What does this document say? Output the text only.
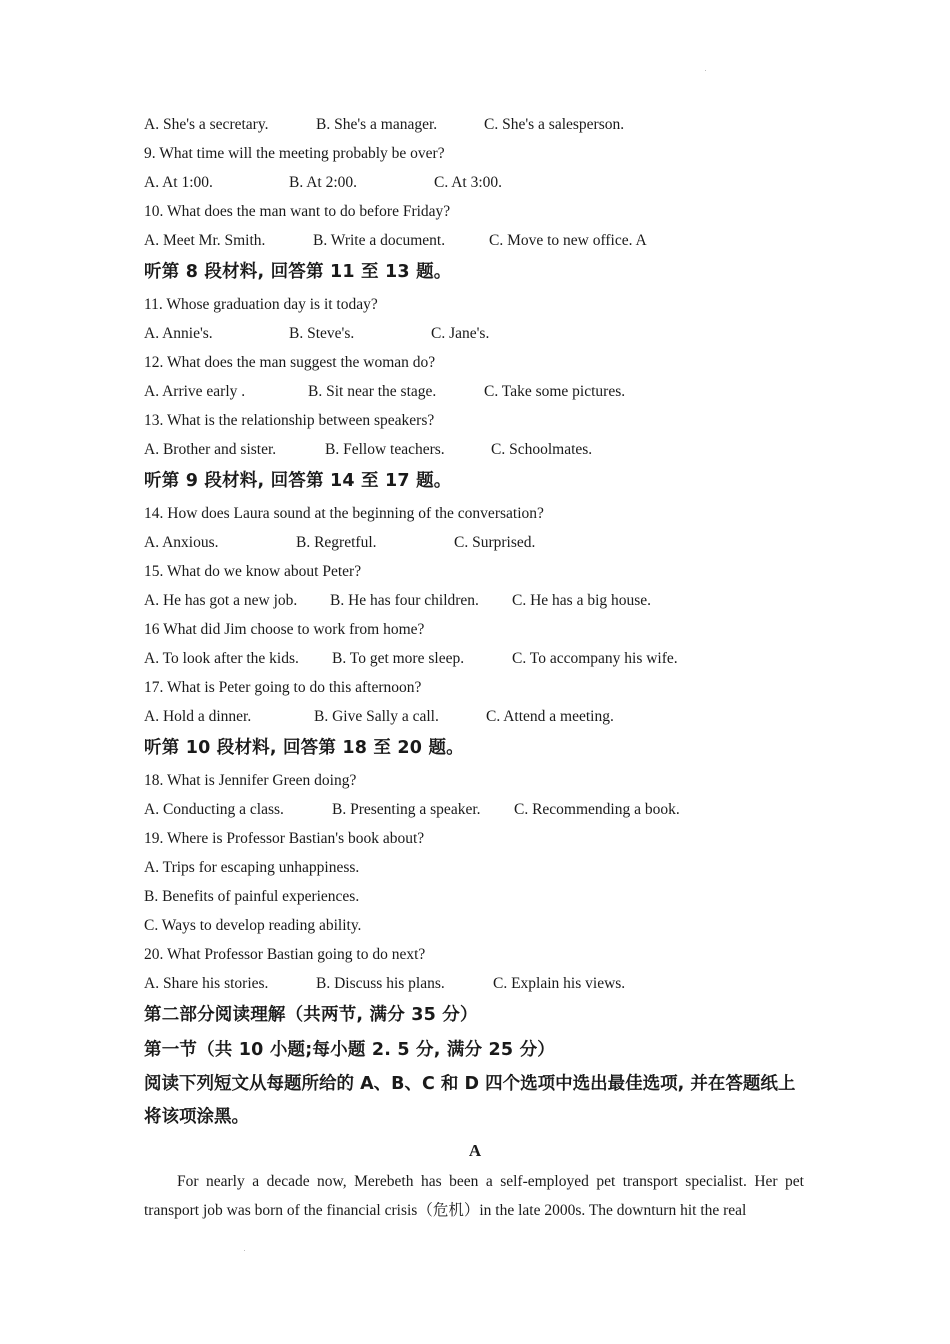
A. She's a secretary.	B. She's a manager.	C. She's a salesperson.
9. What time will the meeting probably be over?
A. At 1:00.	B. At 2:00.	C. At 3:00.
10. What does the man want to do before Friday?
A. Meet Mr. Smith.	B. Write a document.	C. Move to new office. A
听第 8 段材料, 回答第 11 至 13 题。
11. Whose graduation day is it today?
A. Annie's.	B. Steve's.	C. Jane's.
12. What does the man suggest the woman do?
A. Arrive early .	B. Sit near the stage.	C. Take some pictures.
13. What is the relationship between speakers?
A. Brother and sister.	B. Fellow teachers.	C. Schoolmates.
听第 9 段材料, 回答第 14 至 17 题。
14. How does Laura sound at the beginning of the conversation?
A. Anxious.	B. Regretful.	C. Surprised.
15. What do we know about Peter?
A. He has got a new job. B. He has four children. C. He has a big house.
16 What did Jim choose to work from home?
A. To look after the kids. B. To get more sleep.	C. To accompany his wife.
17. What is Peter going to do this afternoon?
A. Hold a dinner.	B. Give Sally a call.	C. Attend a meeting.
听第 10 段材料, 回答第 18 至 20 题。
18. What is Jennifer Green doing?
A. Conducting a class.	B. Presenting a speaker. C. Recommending a book.
19. Where is Professor Bastian's book about?
A. Trips for escaping unhappiness.
B. Benefits of painful experiences.
C. Ways to develop reading ability.
20. What Professor Bastian going to do next?
A. Share his stories.	B. Discuss his plans.	C. Explain his views.
第二部分阅读理解（共两节, 满分 35 分）
第一节（共 10 小题;每小题 2. 5 分, 满分 25 分）
阅读下列短文从每题所给的 A、B、C 和 D 四个选项中选出最佳选项, 并在答题纸上将该项涂黑。
A
For nearly a decade now, Merebeth has been a self-employed pet transport specialist. Her pet transport job was born of the financial crisis（危机）in the late 2000s. The downturn hit the real
